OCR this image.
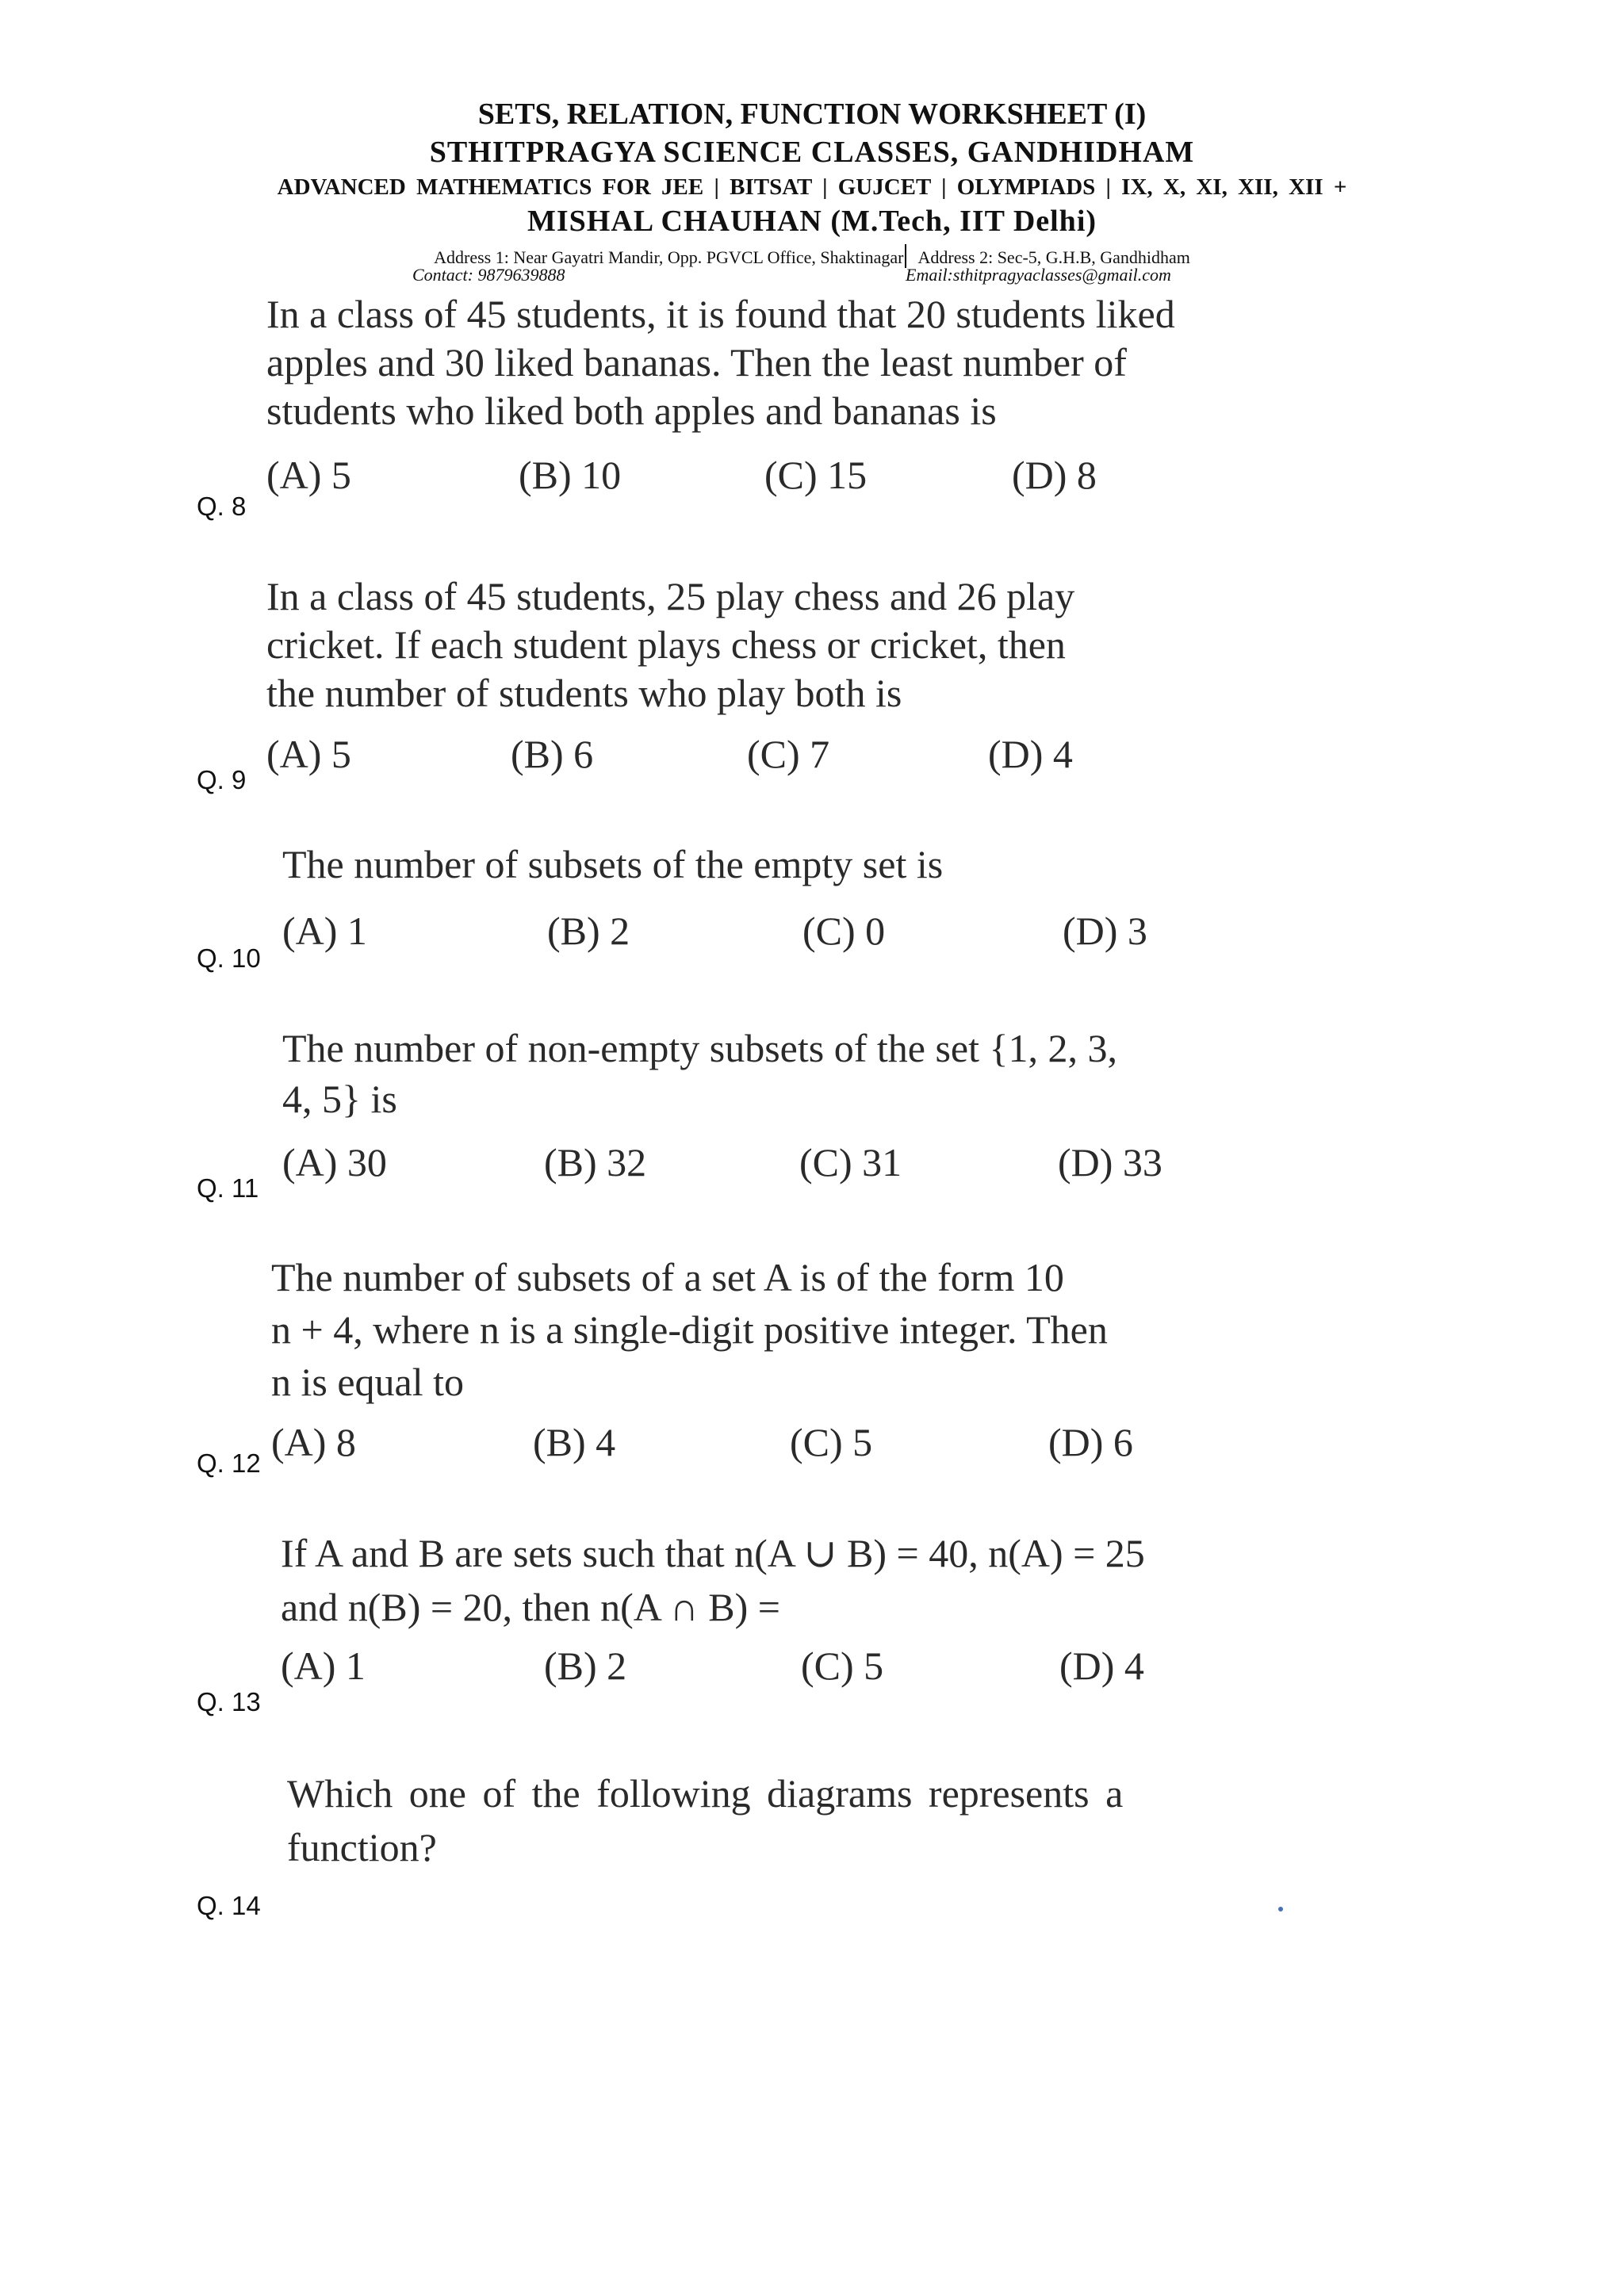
SETS, RELATION, FUNCTION WORKSHEET (I)
STHITPRAGYA SCIENCE CLASSES, GANDHIDHAM
ADVANCED MATHEMATICS FOR JEE | BITSAT | GUJCET | OLYMPIADS | IX, X, XI, XII, XII +
MISHAL CHAUHAN (M.Tech, IIT Delhi)
Address 1: Near Gayatri Mandir, Opp. PGVCL Office, Shaktinagar Address 2: Sec-5, G.H.B, Gandhidham
Contact: 9879639888	Email:sthitpragyaclasses@gmail.com
In a class of 45 students, it is found that 20 students liked
apples and 30 liked bananas. Then the least number of
students who liked both apples and bananas is
(A) 5	(B) 10	(C) 15	(D) 8
Q. 8
In a class of 45 students, 25 play chess and 26 play
cricket. If each student plays chess or cricket, then
the number of students who play both is
(A) 5	(B) 6	(C) 7	(D) 4
Q. 9
The number of subsets of the empty set is
(A) 1	(B) 2	(C) 0	(D) 3
Q. 10
The number of non-empty subsets of the set {1, 2, 3,
4, 5} is
(A) 30	(B) 32	(C) 31	(D) 33
Q. 11
The number of subsets of a set A is of the form 10
n + 4, where n is a single-digit positive integer. Then
n is equal to
(A) 8	(B) 4	(C) 5	(D) 6
Q. 12
If A and B are sets such that n(A ∪ B) = 40, n(A) = 25
and n(B) = 20, then n(A ∩ B) =
(A) 1	(B) 2	(C) 5	(D) 4
Q. 13
Which one of the following diagrams represents a
function?
Q. 14
